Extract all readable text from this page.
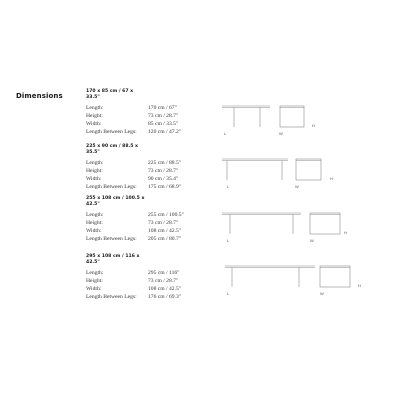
Dimensions
170 x 85 cm / 67 x 33.5"
Length:	170 cm / 67"
Height:	73 cm / 28.7"
Width:	85 cm / 33.5"
Length Between Legs:	120 cm / 47.2"
225 x 90 cm / 88.5 x 35.5"
Length:	225 cm / 88.5"
Height:	73 cm / 28.7"
Width:	90 cm / 35.4"
Length Between Legs:	175 cm / 68.9"
255 x 108 cm / 100.5 x 42.5"
Length:	255 cm / 100.5"
Height:	73 cm / 28.7"
Width:	108 cm / 42.5"
Length Between Legs:	205 cm / 80.7"
295 x 108 cm / 116 x 42.5"
Length:	295 cm / 116"
Height:	73 cm / 28.7"
Width:	108 cm / 42.5"
Length Between Legs:	176 cm / 69.3"
L	W
H
L	W
H
L	W
H
L	W
H
